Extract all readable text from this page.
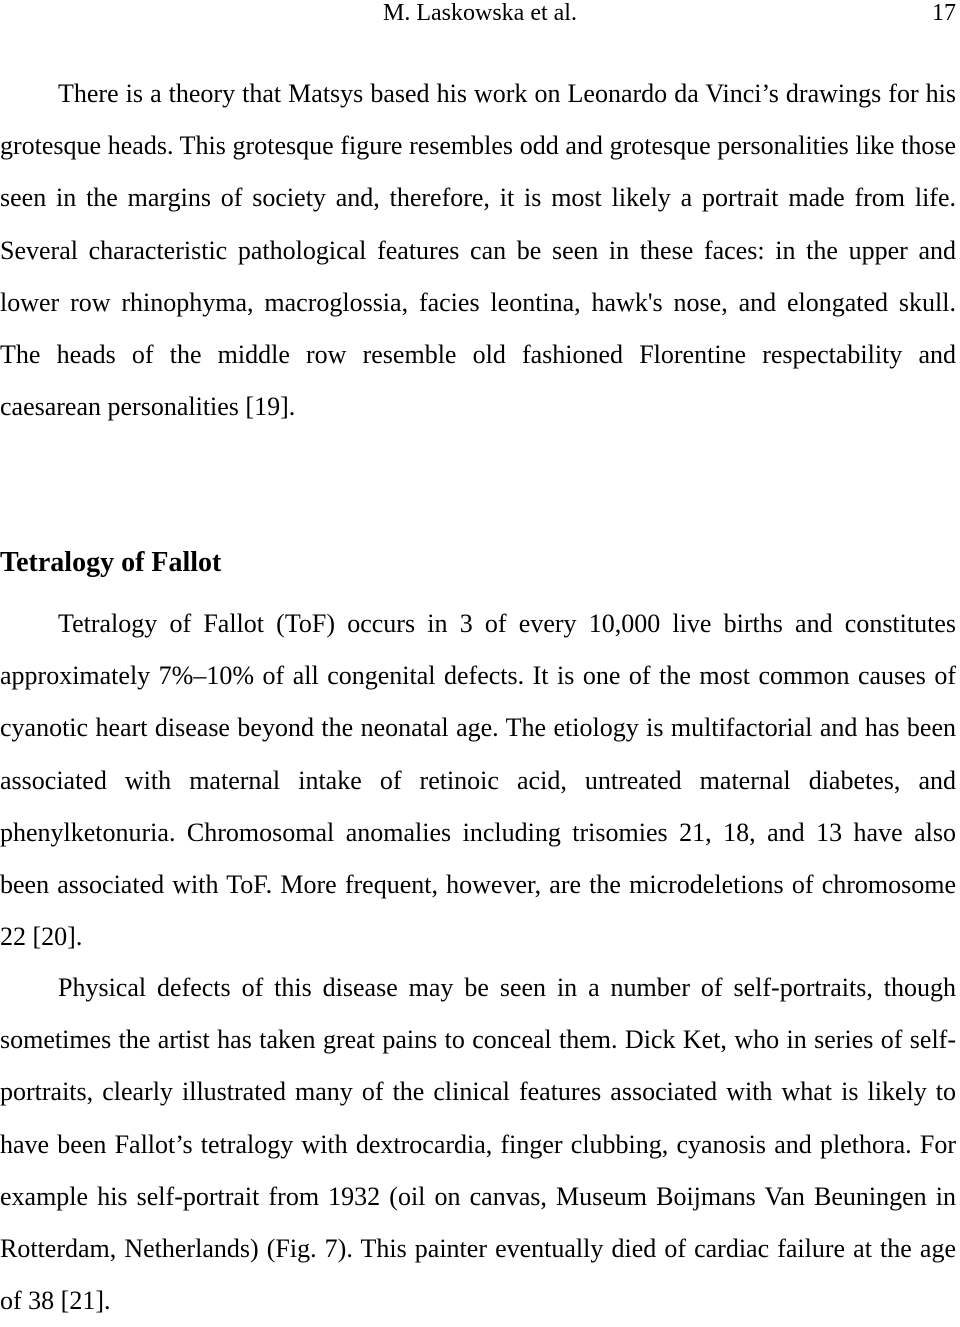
M. Laskowska et al.	17

There is a theory that Matsys based his work on Leonardo da Vinci’s drawings for his grotesque heads. This grotesque figure resembles odd and grotesque personalities like those seen in the margins of society and, therefore, it is most likely a portrait made from life. Several characteristic pathological features can be seen in these faces: in the upper and lower row rhinophyma, macroglossia, facies leontina, hawk's nose, and elongated skull. The heads of the middle row resemble old fashioned Florentine respectability and caesarean personalities [19].

Tetralogy of Fallot

Tetralogy of Fallot (ToF) occurs in 3 of every 10,000 live births and constitutes approximately 7%–10% of all congenital defects. It is one of the most common causes of cyanotic heart disease beyond the neonatal age. The etiology is multifactorial and has been associated with maternal intake of retinoic acid, untreated maternal diabetes, and phenylketonuria. Chromosomal anomalies including trisomies 21, 18, and 13 have also been associated with ToF. More frequent, however, are the microdeletions of chromosome 22 [20].

Physical defects of this disease may be seen in a number of self-portraits, though sometimes the artist has taken great pains to conceal them. Dick Ket, who in series of self- portraits, clearly illustrated many of the clinical features associated with what is likely to have been Fallot’s tetralogy with dextrocardia, finger clubbing, cyanosis and plethora. For example his self-portrait from 1932 (oil on canvas, Museum Boijmans Van Beuningen in Rotterdam, Netherlands) (Fig. 7). This painter eventually died of cardiac failure at the age of 38 [21].
